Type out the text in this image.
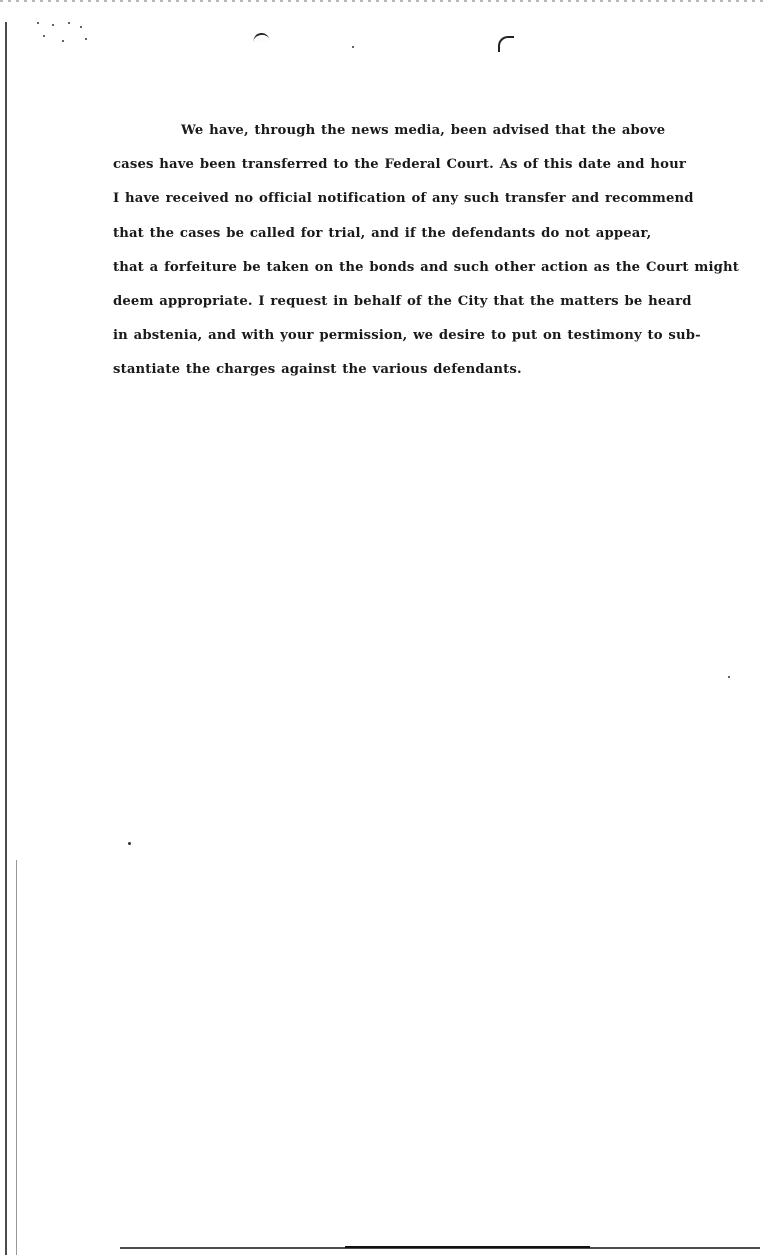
We have, through the news media, been advised that the above
cases have been transferred to the Federal Court. As of this date and hour
I have received no official notification of any such transfer and recommend
that the cases be called for trial, and if the defendants do not appear,
that a forfeiture be taken on the bonds and such other action as the Court might
deem appropriate. I request in behalf of the City that the matters be heard
in abstenia, and with your permission, we desire to put on testimony to sub-
stantiate the charges against the various defendants.
